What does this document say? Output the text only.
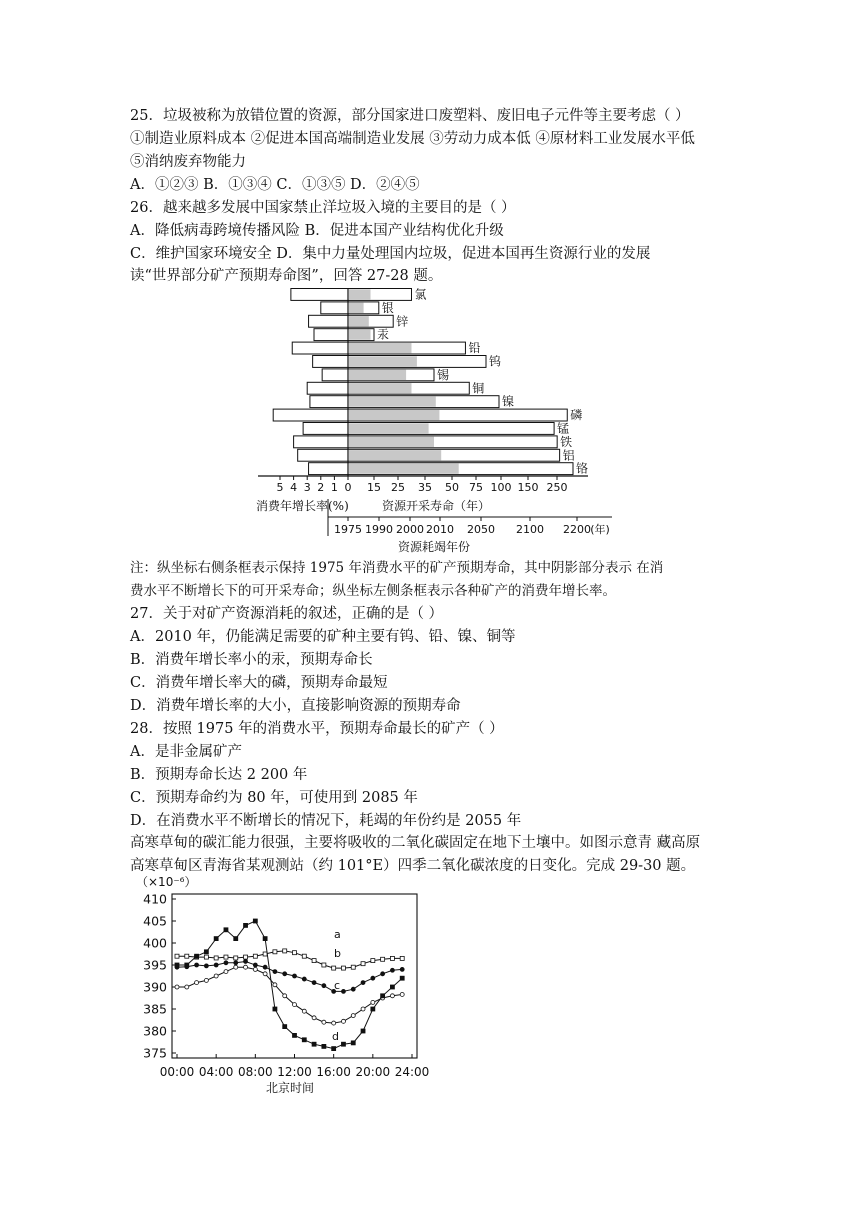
25．垃圾被称为放错位置的资源，部分国家进口废塑料、废旧电子元件等主要考虑（ ）
①制造业原料成本 ②促进本国高端制造业发展 ③劳动力成本低 ④原材料工业发展水平低
⑤消纳废弃物能力
A．①②③ B．①③④ C．①③⑤ D．②④⑤
26．越来越多发展中国家禁止洋垃圾入境的主要目的是（ ）
A．降低病毒跨境传播风险 B．促进本国产业结构优化升级
C．维护国家环境安全 D．集中力量处理国内垃圾，促进本国再生资源行业的发展
读“世界部分矿产预期寿命图”，回答 27-28 题。
氯
银
锌
汞
铅
钨
锡
铜
镍
磷
锰
铁
铝
铬
5 4 3 2 1 0 15 25 35 50 75 100 150 250
消费年增长率(%)	资源开采寿命（年）
1975 1990 2000 2010 2050 2100 2200 (年)
资源耗竭年份
注：纵坐标右侧条框表示保持 1975 年消费水平的矿产预期寿命，其中阴影部分表示 在消
费水平不断增长下的可开采寿命；纵坐标左侧条框表示各种矿产的消费年增长率。
27．关于对矿产资源消耗的叙述，正确的是（ ）
A．2010 年，仍能满足需要的矿种主要有钨、铅、镍、铜等
B．消费年增长率小的汞，预期寿命长
C．消费年增长率大的磷，预期寿命最短
D．消费年增长率的大小，直接影响资源的预期寿命
28．按照 1975 年的消费水平，预期寿命最长的矿产（ ）
A．是非金属矿产
B．预期寿命长达 2 200 年
C．预期寿命约为 80 年，可使用到 2085 年
D．在消费水平不断增长的情况下，耗竭的年份约是 2055 年
高寒草甸的碳汇能力很强，主要将吸收的二氧化碳固定在地下土壤中。如图示意青 藏高原
高寒草甸区青海省某观测站（约 101°E）四季二氧化碳浓度的日变化。完成 29-30 题。
（×10⁻⁶）
375
380
385
390
395
400
405
410
00:00 04:00 08:00 12:00 16:00 20:00 24:00
a
b
c
d
北京时间
